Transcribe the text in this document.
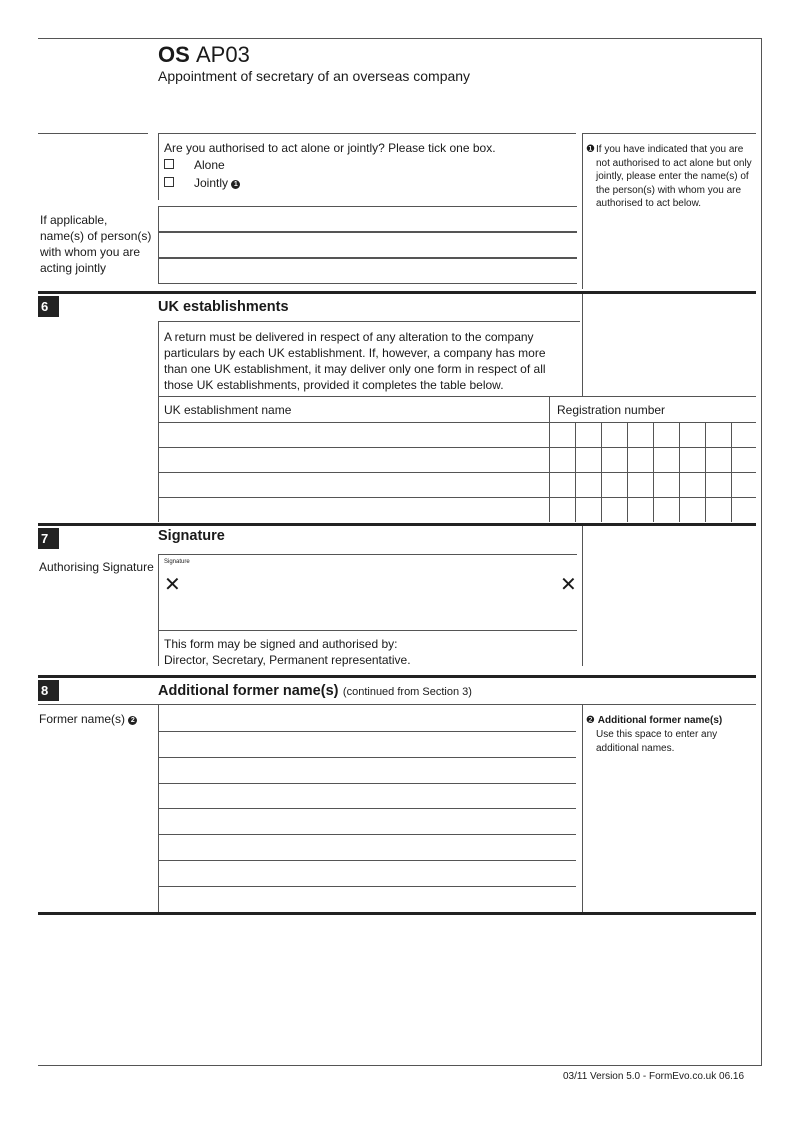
OS AP03
Appointment of secretary of an overseas company
Are you authorised to act alone or jointly? Please tick one box.
Alone
Jointly 1
❶ If you have indicated that you are not authorised to act alone but only jointly, please enter the name(s) of the person(s) with whom you are authorised to act below.
If applicable, name(s) of person(s) with whom you are acting jointly
6	UK establishments
A return must be delivered in respect of any alteration to the company particulars by each UK establishment. If, however, a company has more than one UK establishment, it may deliver only one form in respect of all those UK establishments, provided it completes the table below.
UK establishment name	Registration number
7	Signature
Authorising Signature Signature
✕	✕
This form may be signed and authorised by:
Director, Secretary, Permanent representative.
8	Additional former name(s) (continued from Section 3)
Former name(s) 2	❷ Additional former name(s)
Use this space to enter any additional names.
03/11 Version 5.0 - FormEvo.co.uk 06.16
